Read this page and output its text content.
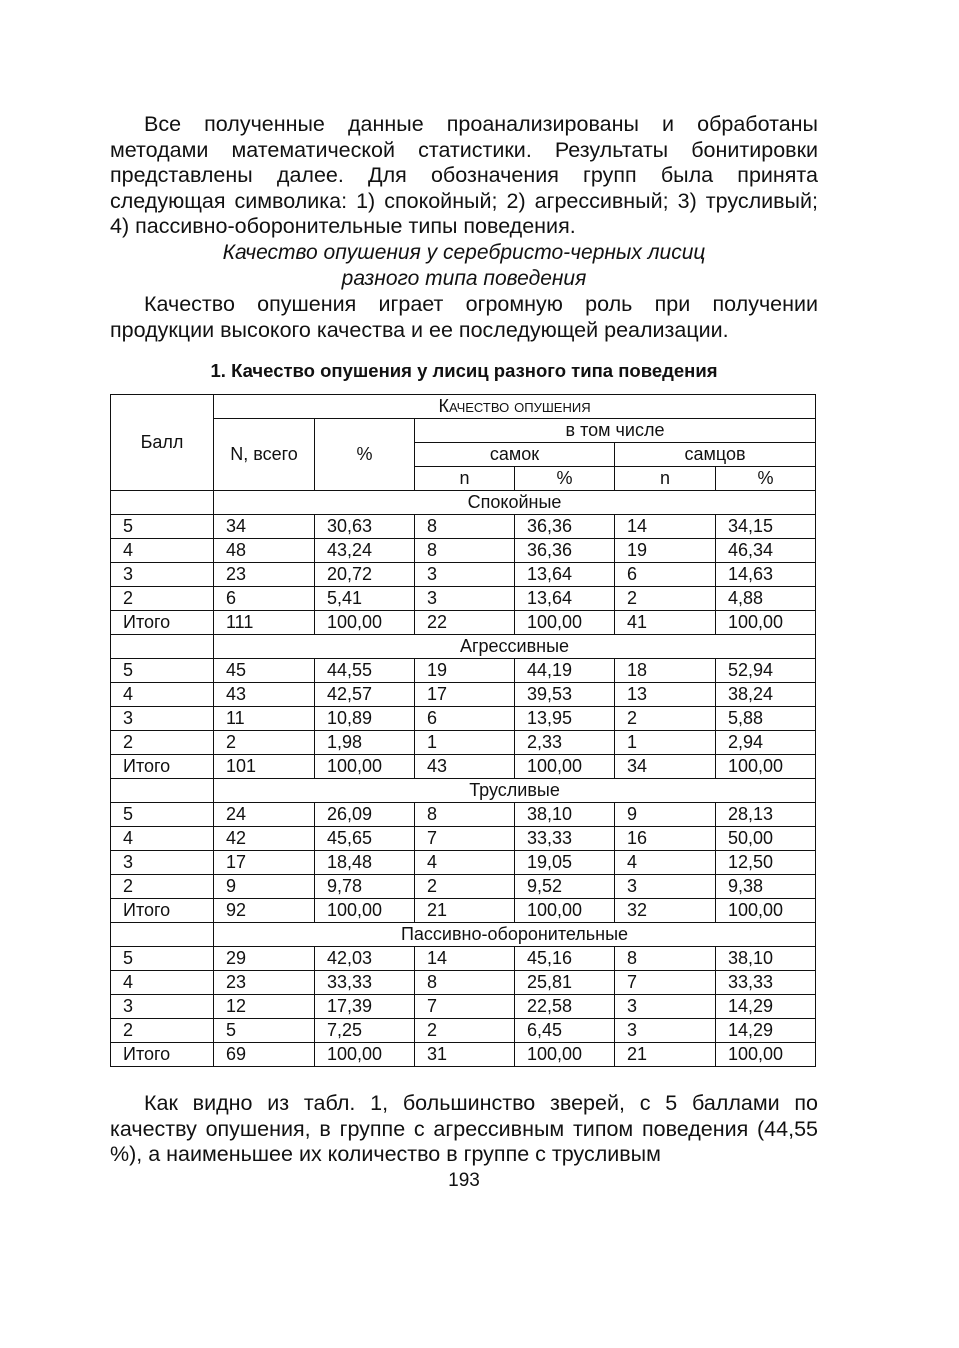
Все полученные данные проанализированы и обработаны методами математической статистики. Результаты бонитировки представлены далее. Для обозначения групп была принята следующая символика: 1) спокойный; 2) агрессивный; 3) трусливый; 4) пассивно-оборонительные типы поведения.

Качество опушения у серебристо-черных лисиц

разного типа поведения

Качество опушения играет огромную роль при получении продукции высокого качества и ее последующей реализации.

1. Качество опушения у лисиц разного типа поведения

Балл	Качество опушения					
	N, всего	%	в том числе			
			самок		самцов	
			n	%	n	%
	Спокойные					
5	34	30,63	8	36,36	14	34,15
4	48	43,24	8	36,36	19	46,34
3	23	20,72	3	13,64	6	14,63
2	6	5,41	3	13,64	2	4,88
Итого	111	100,00	22	100,00	41	100,00
	Агрессивные					
5	45	44,55	19	44,19	18	52,94
4	43	42,57	17	39,53	13	38,24
3	11	10,89	6	13,95	2	5,88
2	2	1,98	1	2,33	1	2,94
Итого	101	100,00	43	100,00	34	100,00
	Трусливые					
5	24	26,09	8	38,10	9	28,13
4	42	45,65	7	33,33	16	50,00
3	17	18,48	4	19,05	4	12,50
2	9	9,78	2	9,52	3	9,38
Итого	92	100,00	21	100,00	32	100,00
	Пассивно-оборонительные					
5	29	42,03	14	45,16	8	38,10
4	23	33,33	8	25,81	7	33,33
3	12	17,39	7	22,58	3	14,29
2	5	7,25	2	6,45	3	14,29
Итого	69	100,00	31	100,00	21	100,00

Как видно из табл. 1, большинство зверей, с 5 баллами по качеству опушения, в группе с агрессивным типом поведения (44,55 %), а наименьшее их количество в группе с трусливым

193
